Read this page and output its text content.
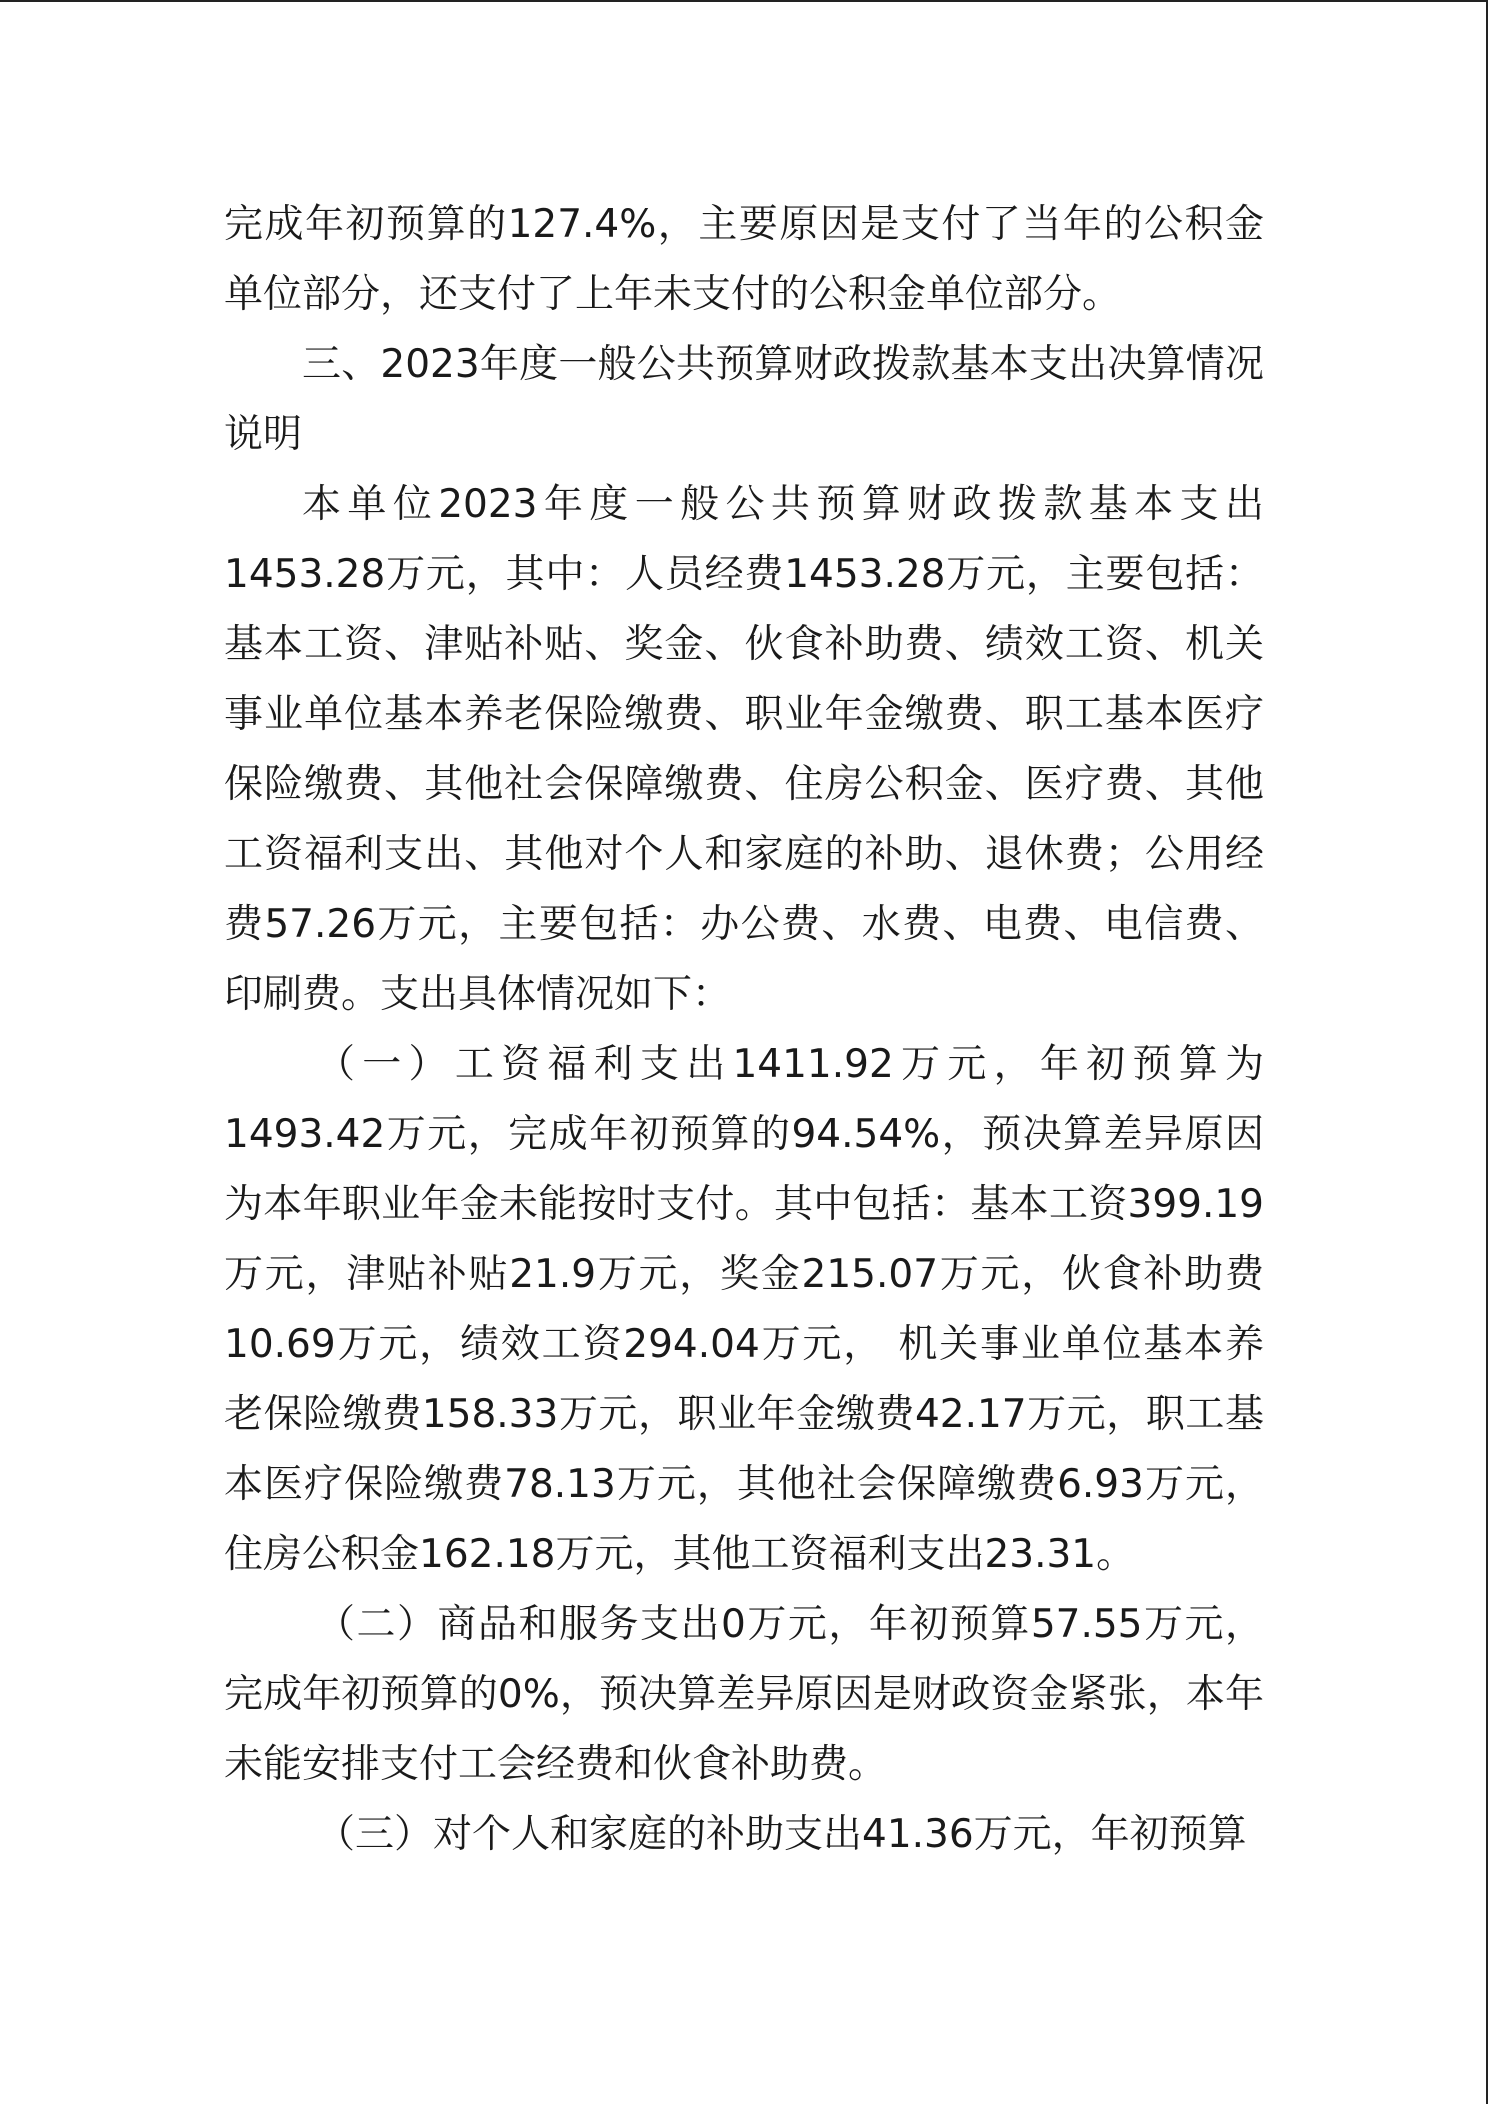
完成年初预算的127.4%，主要原因是支付了当年的公积金单位部分，还支付了上年未支付的公积金单位部分。

三、2023年度一般公共预算财政拨款基本支出决算情况说明

本单位2023年度一般公共预算财政拨款基本支出1453.28万元，其中：人员经费1453.28万元，主要包括：基本工资、津贴补贴、奖金、伙食补助费、绩效工资、机关事业单位基本养老保险缴费、职业年金缴费、职工基本医疗保险缴费、其他社会保障缴费、住房公积金、医疗费、其他工资福利支出、其他对个人和家庭的补助、退休费；公用经费57.26万元，主要包括：办公费、水费、电费、电信费、印刷费。支出具体情况如下：

（一）工资福利支出1411.92万元，年初预算为1493.42万元，完成年初预算的94.54%，预决算差异原因为本年职业年金未能按时支付。其中包括：基本工资399.19万元，津贴补贴21.9万元，奖金215.07万元，伙食补助费10.69万元，绩效工资294.04万元， 机关事业单位基本养老保险缴费158.33万元，职业年金缴费42.17万元，职工基本医疗保险缴费78.13万元，其他社会保障缴费6.93万元，住房公积金162.18万元，其他工资福利支出23.31。

（二）商品和服务支出0万元，年初预算57.55万元，完成年初预算的0%，预决算差异原因是财政资金紧张，本年未能安排支付工会经费和伙食补助费。

（三）对个人和家庭的补助支出41.36万元，年初预算
